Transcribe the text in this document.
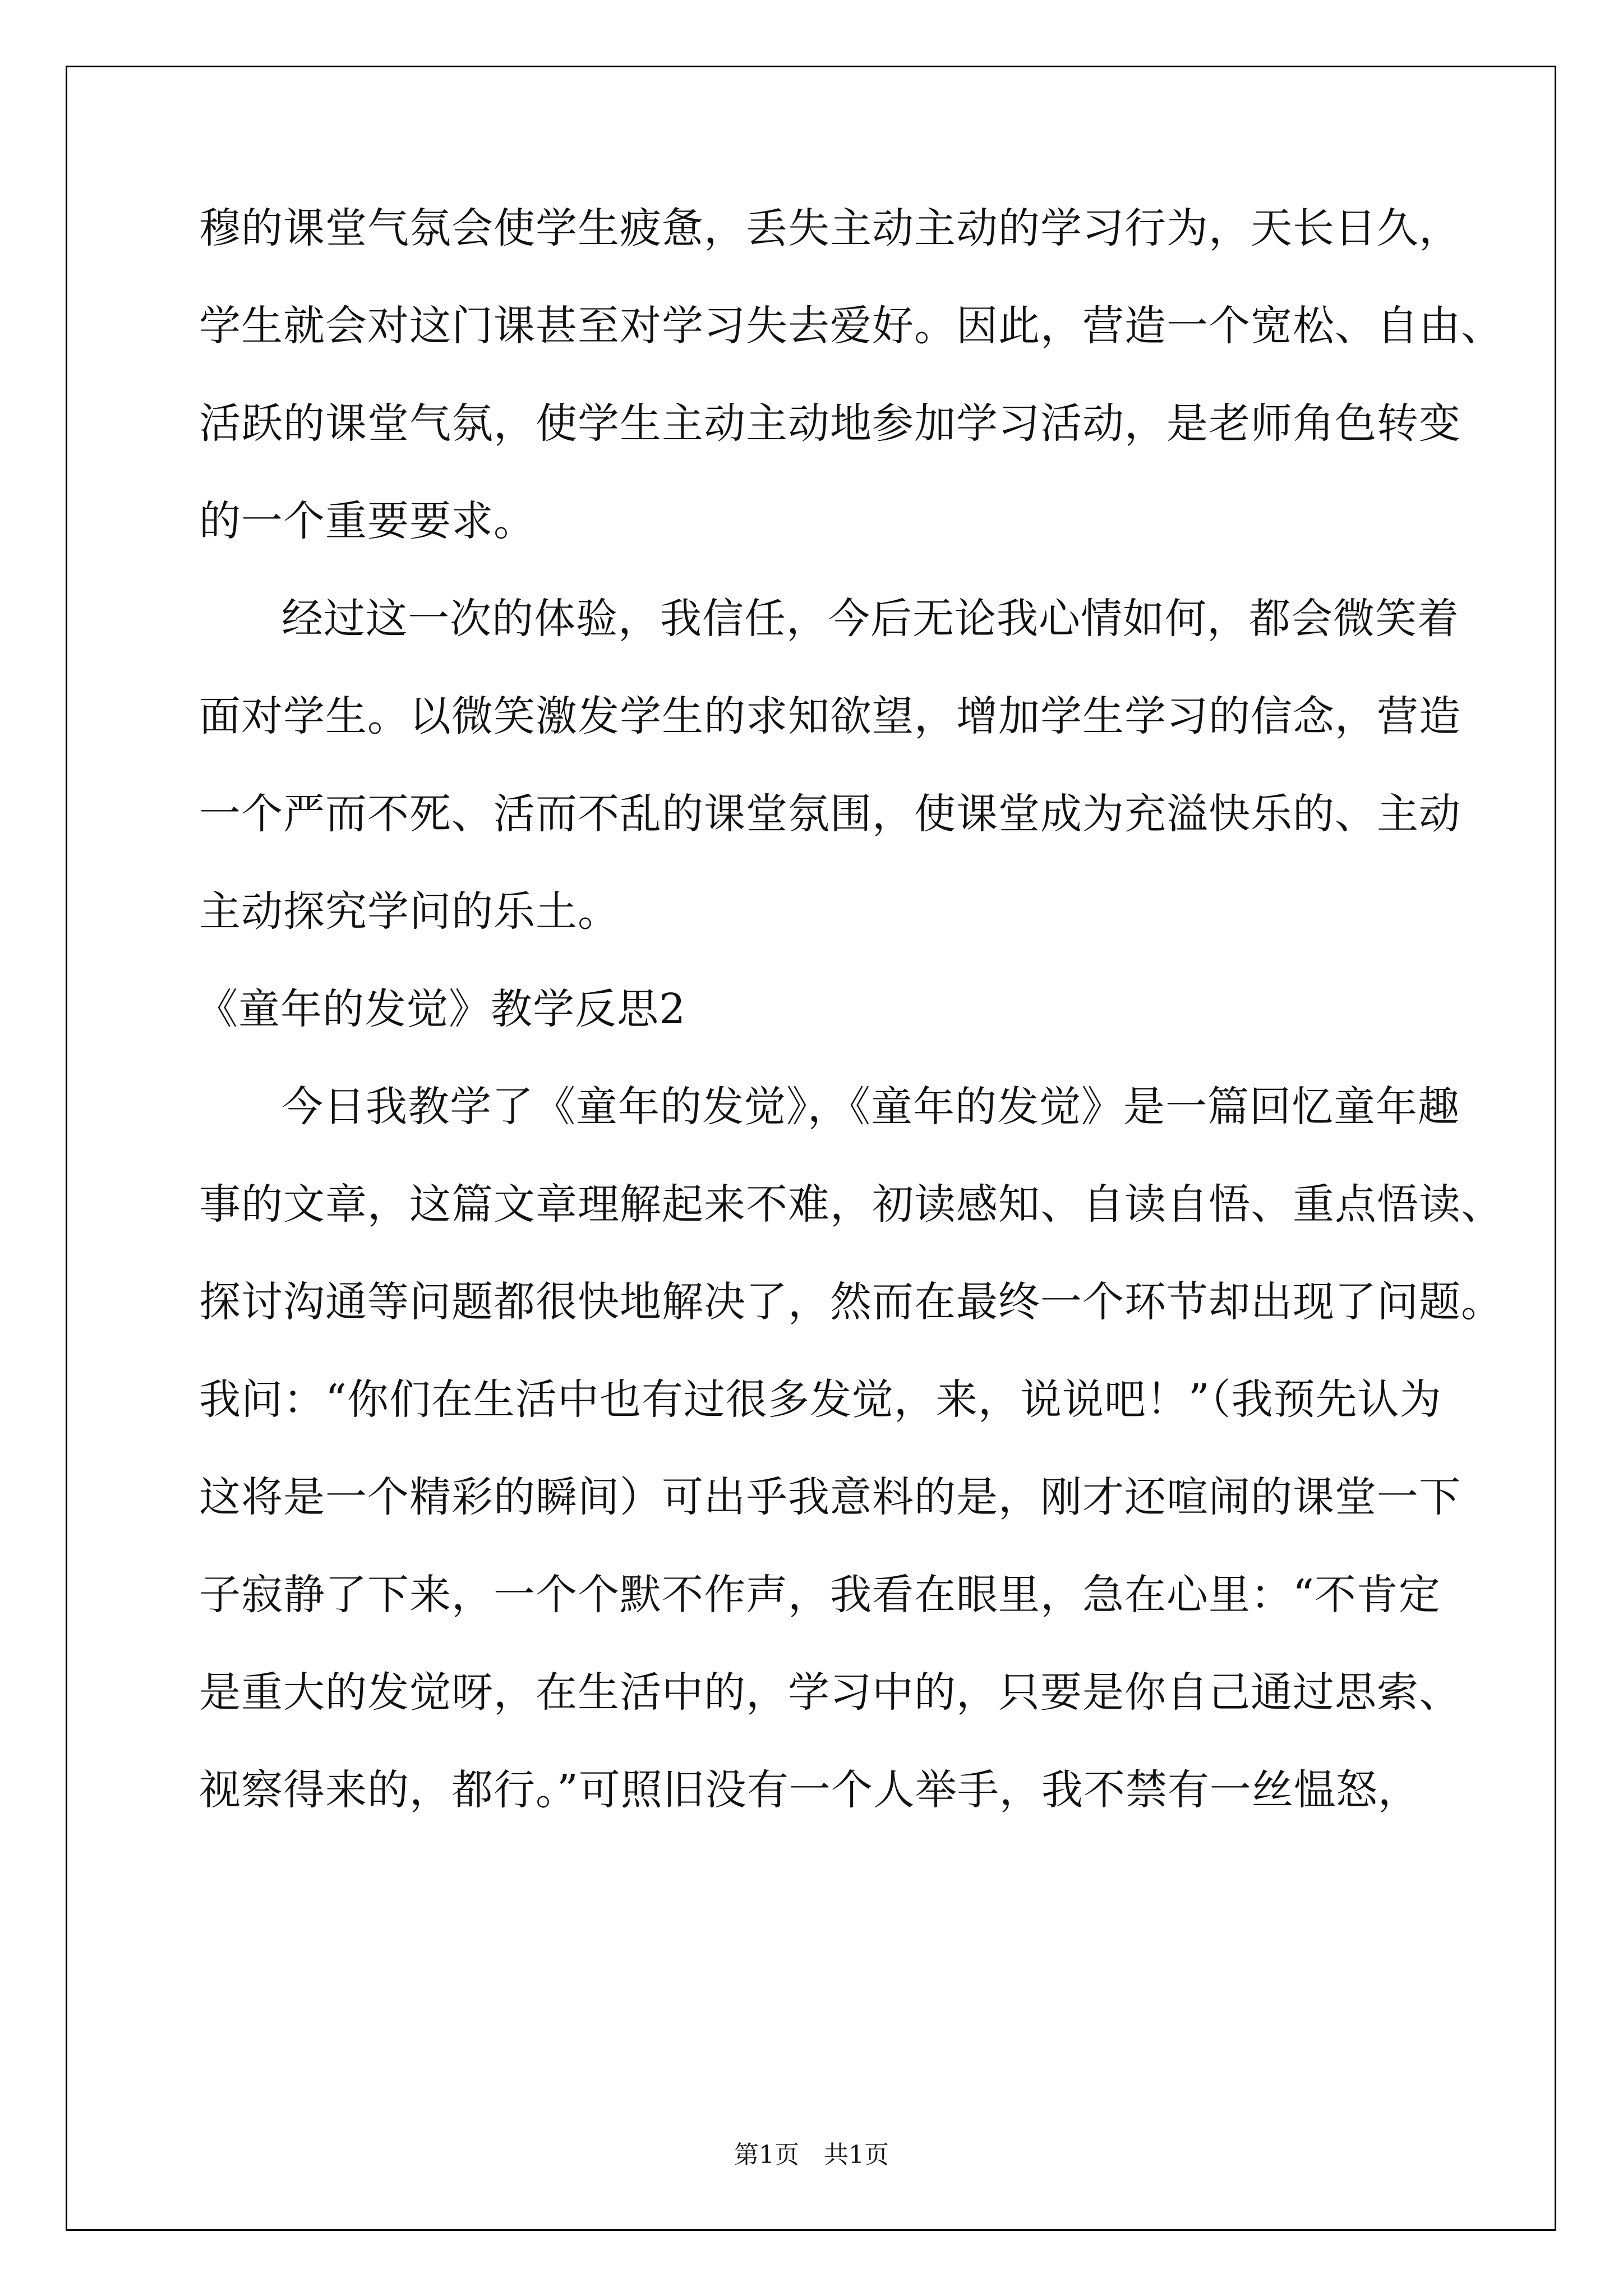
穆的课堂气氛会使学生疲惫，丢失主动主动的学习行为，天长日久，
学生就会对这门课甚至对学习失去爱好。因此，营造一个宽松、自由、
活跃的课堂气氛，使学生主动主动地参加学习活动，是老师角色转变
的一个重要要求。
经过这一次的体验，我信任，今后无论我心情如何，都会微笑着
面对学生。以微笑激发学生的求知欲望，增加学生学习的信念，营造
一个严而不死、活而不乱的课堂氛围，使课堂成为充溢快乐的、主动
主动探究学问的乐土。
《童年的发觉》教学反思2
今日我教学了《童年的发觉》，《童年的发觉》是一篇回忆童年趣
事的文章，这篇文章理解起来不难，初读感知、自读自悟、重点悟读、
探讨沟通等问题都很快地解决了，然而在最终一个环节却出现了问题。
我问：“你们在生活中也有过很多发觉，来，说说吧！”（我预先认为
这将是一个精彩的瞬间）可出乎我意料的是，刚才还喧闹的课堂一下
子寂静了下来，一个个默不作声，我看在眼里，急在心里：“不肯定
是重大的发觉呀，在生活中的，学习中的，只要是你自己通过思索、
视察得来的，都行。”可照旧没有一个人举手，我不禁有一丝愠怒，
第1页 共1页
